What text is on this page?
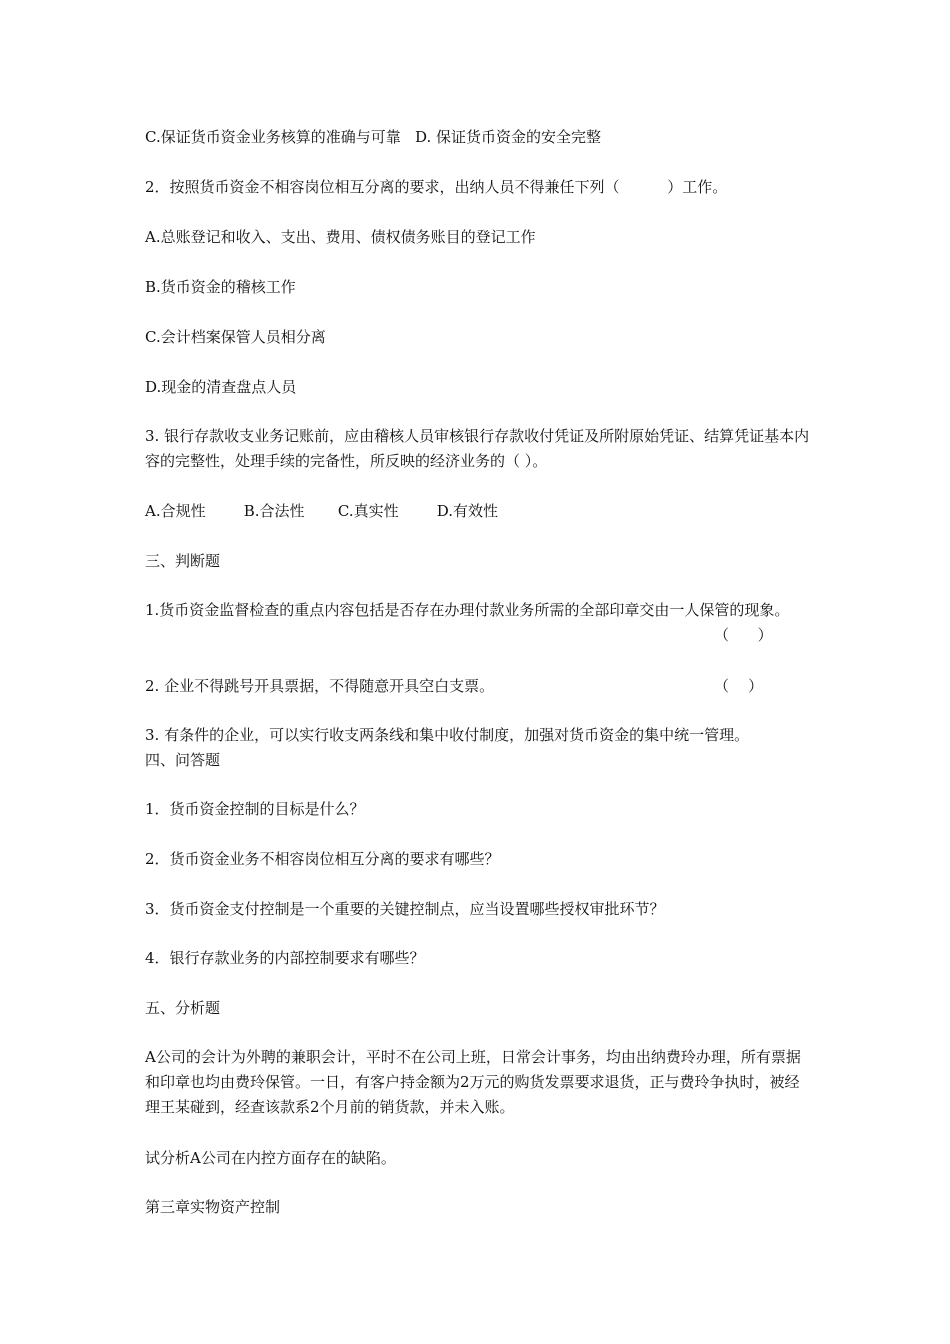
C.保证货币资金业务核算的准确与可靠   D. 保证货币资金的安全完整
2．按照货币资金不相容岗位相互分离的要求，出纳人员不得兼任下列（          ）工作。
A.总账登记和收入、支出、费用、债权债务账目的登记工作
B.货币资金的稽核工作
C.会计档案保管人员相分离
D.现金的清查盘点人员
3. 银行存款收支业务记账前，应由稽核人员审核银行存款收付凭证及所附原始凭证、结算凭证基本内容的完整性，处理手续的完备性，所反映的经济业务的（ ）。
A.合规性        B.合法性       C.真实性        D.有效性
三、判断题
1.货币资金监督检查的重点内容包括是否存在办理付款业务所需的全部印章交由一人保管的现象。
（      ）
2. 企业不得跳号开具票据，不得随意开具空白支票。	（    ）
3. 有条件的企业，可以实行收支两条线和集中收付制度，加强对货币资金的集中统一管理。
四、问答题
1．货币资金控制的目标是什么？
2．货币资金业务不相容岗位相互分离的要求有哪些？
3．货币资金支付控制是一个重要的关键控制点，应当设置哪些授权审批环节？
4．银行存款业务的内部控制要求有哪些？
五、分析题
A公司的会计为外聘的兼职会计，平时不在公司上班，日常会计事务，均由出纳费玲办理，所有票据和印章也均由费玲保管。一日，有客户持金额为2万元的购货发票要求退货，正与费玲争执时，被经理王某碰到，经查该款系2个月前的销货款，并未入账。
试分析A公司在内控方面存在的缺陷。
第三章实物资产控制
